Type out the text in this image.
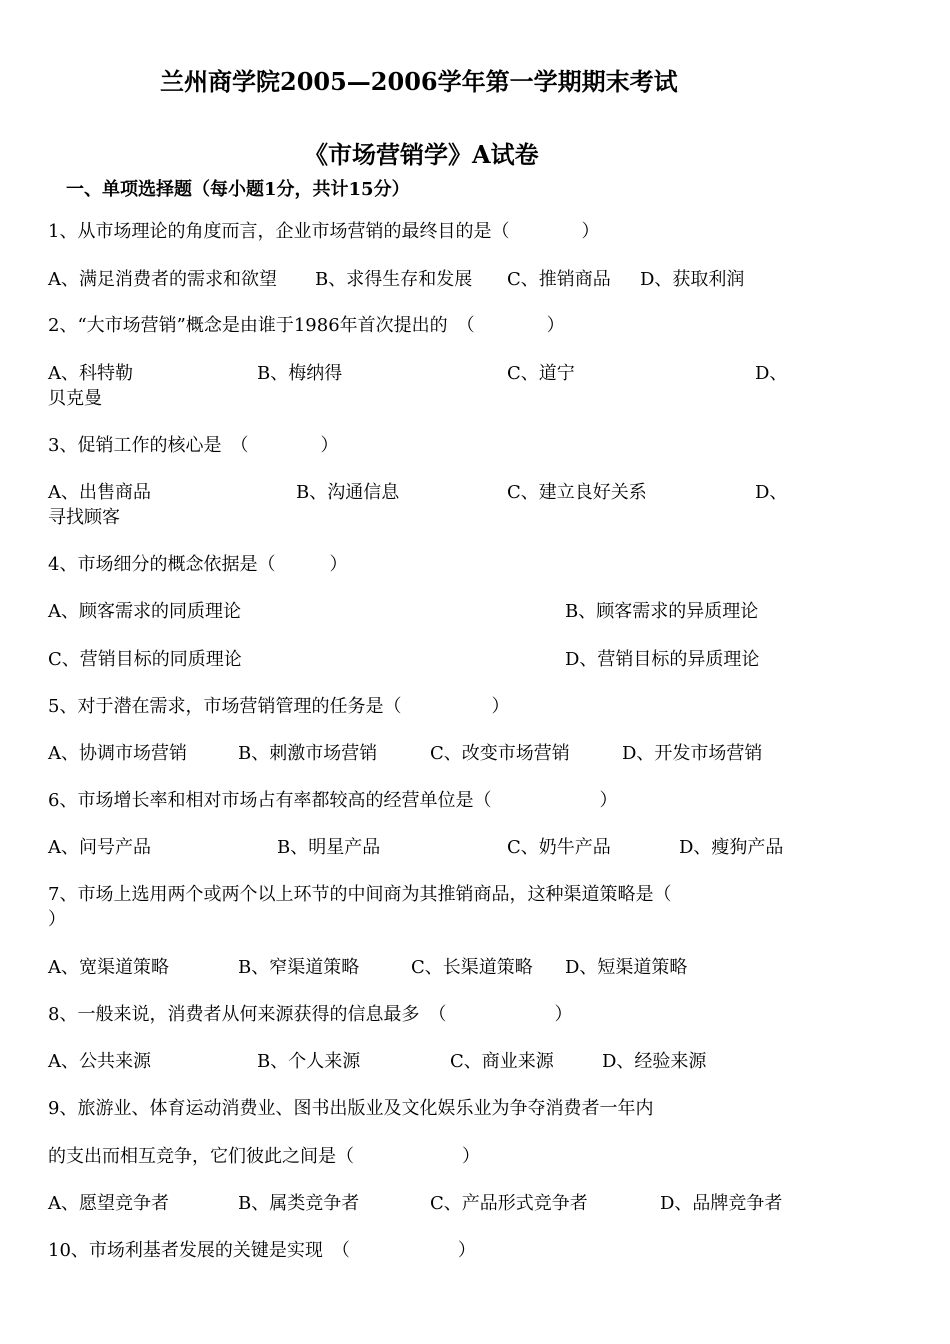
兰州商学院2005—2006学年第一学期期末考试
《市场营销学》A试卷
一、单项选择题（每小题1分，共计15分）
1、从市场理论的角度而言，企业市场营销的最终目的是（　　　　）
A、满足消费者的需求和欲望 B、求得生存和发展 C、推销商品 D、获取利润
2、“大市场营销”概念是由谁于1986年首次提出的　（　　　　）
A、科特勒	B、梅纳得	C、道宁	D、
贝克曼
3、促销工作的核心是　（　　　　）
A、出售商品	B、沟通信息	C、建立良好关系	D、
寻找顾客
4、市场细分的概念依据是（　　　）
A、顾客需求的同质理论	B、顾客需求的异质理论
C、营销目标的同质理论	D、营销目标的异质理论
5、对于潜在需求，市场营销管理的任务是（　　　　　）
A、协调市场营销	B、刺激市场营销	C、改变市场营销	D、开发市场营销
6、市场增长率和相对市场占有率都较高的经营单位是（　　　　　　）
A、问号产品	B、明星产品	C、奶牛产品	D、瘦狗产品
7、市场上选用两个或两个以上环节的中间商为其推销商品，这种渠道策略是（
）
A、宽渠道策略	B、窄渠道策略	C、长渠道策略 D、短渠道策略
8、一般来说，消费者从何来源获得的信息最多　（　　　　　　）
A、公共来源	B、个人来源	C、商业来源	D、经验来源
9、旅游业、体育运动消费业、图书出版业及文化娱乐业为争夺消费者一年内
的支出而相互竞争，它们彼此之间是（　　　　　　）
A、愿望竞争者	B、属类竞争者	C、产品形式竞争者	D、品牌竞争者
10、市场利基者发展的关键是实现　（　　　　　　）
